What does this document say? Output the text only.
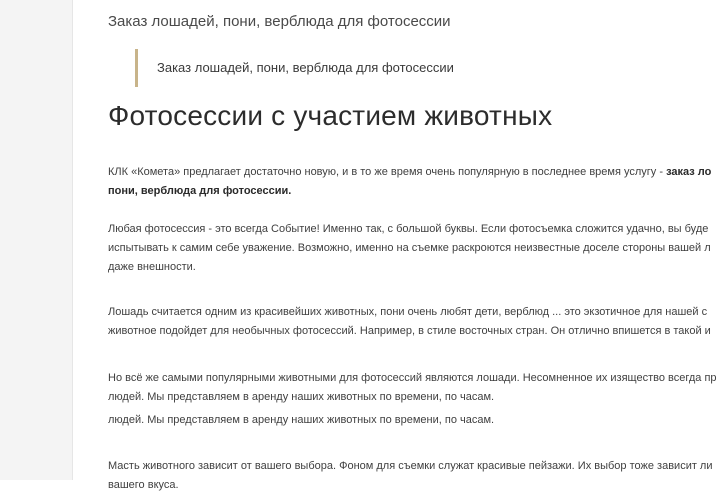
Заказ лошадей, пони, верблюда для фотосессии
Заказ лошадей, пони, верблюда для фотосессии
Фотосессии с участием животных
КЛК «Комета» предлагает достаточно новую, и в то же время очень популярную в последнее время услугу - заказ ло
пони, верблюда для фотосессии.
Любая фотосессия - это всегда Событие! Именно так, с большой буквы. Если фотосъемка сложится удачно, вы буде
испытывать к самим себе уважение. Возможно, именно на съемке раскроются неизвестные доселе стороны вашей л
даже внешности.
Лошадь считается одним из красивейших животных, пони очень любят дети, верблюд ... это экзотичное для нашей с
животное подойдет для необычных фотосессий. Например, в стиле восточных стран. Он отлично впишется в такой и
Но всё же самыми популярными животными для фотосессий являются лошади. Несомненное их изящество всегда пр
людей. Мы представляем в аренду наших животных по времени, по часам.
людей. Мы представляем в аренду наших животных по времени, по часам.
Масть животного зависит от вашего выбора. Фоном для съемки служат красивые пейзажи. Их выбор тоже зависит ли
вашего вкуса.
